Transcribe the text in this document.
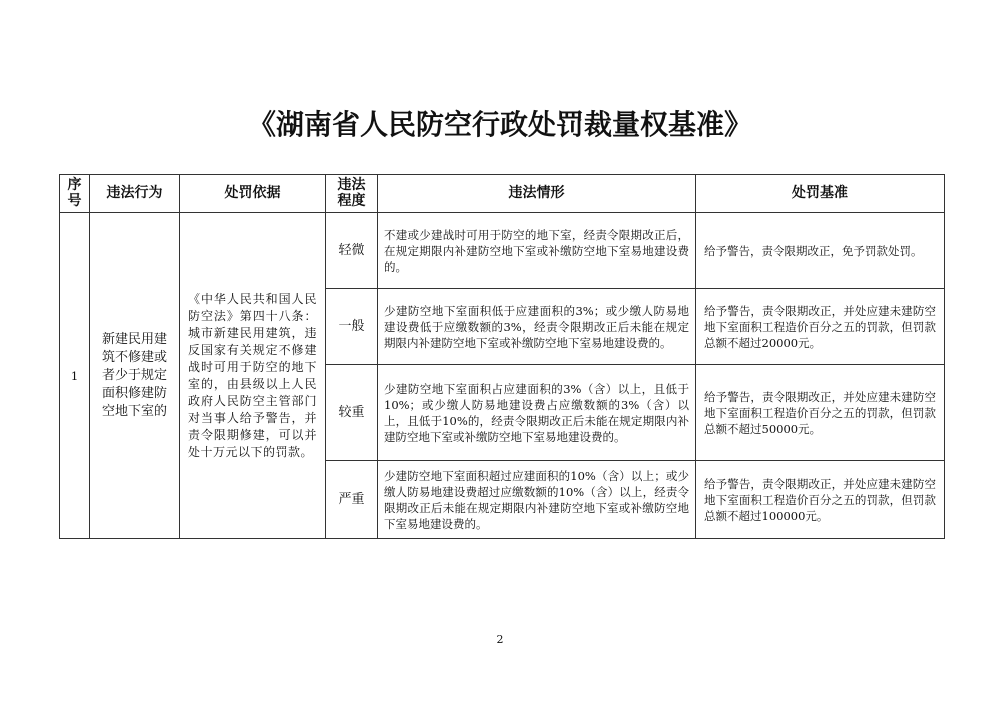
《湖南省人民防空行政处罚裁量权基准》
序号	违法行为	处罚依据	违法程度	违法情形	处罚基准
1	新建民用建筑不修建或者少于规定面积修建防空地下室的	《中华人民共和国人民防空法》第四十八条：城市新建民用建筑，违反国家有关规定不修建战时可用于防空的地下室的，由县级以上人民政府人民防空主管部门对当事人给予警告，并责令限期修建，可以并处十万元以下的罚款。	轻微	不建或少建战时可用于防空的地下室，经责令限期改正后，在规定期限内补建防空地下室或补缴防空地下室易地建设费的。	给予警告，责令限期改正，免予罚款处罚。
			一般	少建防空地下室面积低于应建面积的3%；或少缴人防易地建设费低于应缴数额的3%，经责令限期改正后未能在规定期限内补建防空地下室或补缴防空地下室易地建设费的。	给予警告，责令限期改正，并处应建未建防空地下室面积工程造价百分之五的罚款，但罚款总额不超过20000元。
			较重	少建防空地下室面积占应建面积的3%（含）以上，且低于10%；或少缴人防易地建设费占应缴数额的3%（含）以上，且低于10%的，经责令限期改正后未能在规定期限内补建防空地下室或补缴防空地下室易地建设费的。	给予警告，责令限期改正，并处应建未建防空地下室面积工程造价百分之五的罚款，但罚款总额不超过50000元。
			严重	少建防空地下室面积超过应建面积的10%（含）以上；或少缴人防易地建设费超过应缴数额的10%（含）以上，经责令限期改正后未能在规定期限内补建防空地下室或补缴防空地下室易地建设费的。	给予警告，责令限期改正，并处应建未建防空地下室面积工程造价百分之五的罚款，但罚款总额不超过100000元。
2
